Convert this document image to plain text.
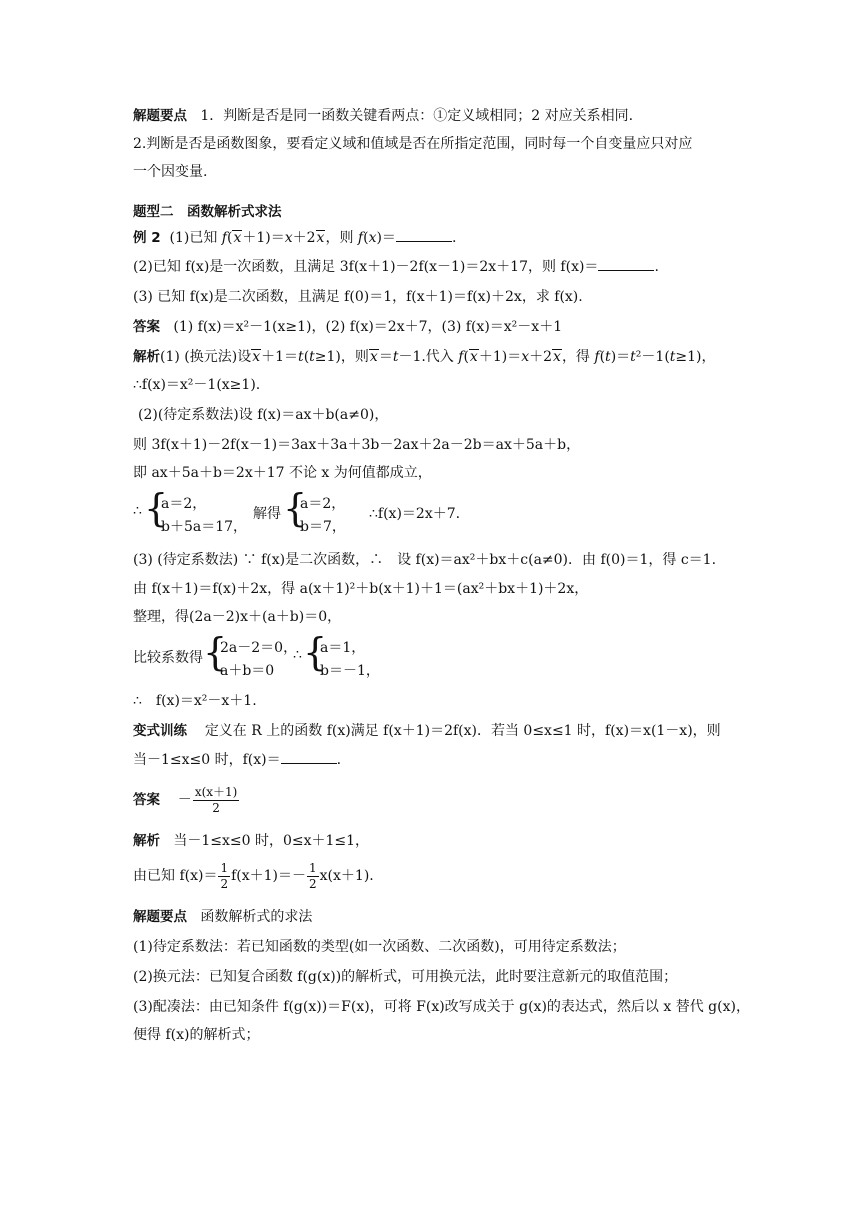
解题要点 1．判断是否是同一函数关键看两点：①定义域相同；2 对应关系相同.
2.判断是否是函数图象，要看定义域和值域是否在所指定范围，同时每一个自变量应只对应
一个因变量.
题型二　函数解析式求法
例 2 (1)已知 f(x＋1)＝x＋2x，则 f(x)＝	.
(2)已知 f(x)是一次函数，且满足 3f(x＋1)－2f(x－1)＝2x＋17，则 f(x)＝	.
(3) 已知 f(x)是二次函数，且满足 f(0)＝1，f(x＋1)＝f(x)＋2x，求 f(x).
答案 (1) f(x)＝x²－1(x≥1)，(2) f(x)＝2x＋7，(3) f(x)＝x²－x＋1
解析(1) (换元法)设x＋1＝t(t≥1)，则x＝t－1.代入 f(x＋1)＝x＋2x，得 f(t)＝t²－1(t≥1)，
∴f(x)＝x²－1(x≥1).
(2)(待定系数法)设 f(x)＝ax＋b(a≠0)，
则 3f(x＋1)－2f(x－1)＝3ax＋3a＋3b－2ax＋2a－2b＝ax＋5a＋b，
即 ax＋5a＋b＝2x＋17 不论 x 为何值都成立，
∴ {
a＝2，
b＋5a＝17，
解得 {
a＝2，
b＝7，
∴f(x)＝2x＋7.
(3) (待定系数法) ∵ f(x)是二次函数，∴　设 f(x)＝ax²＋bx＋c(a≠0)．由 f(0)＝1，得 c＝1.
由 f(x＋1)＝f(x)＋2x，得 a(x＋1)²＋b(x＋1)＋1＝(ax²＋bx＋1)＋2x，
整理，得(2a－2)x＋(a＋b)＝0，
比较系数得 {
2a－2＝0，
a＋b＝0
∴ {
a＝1，
b＝－1，
∴　f(x)＝x²－x＋1.
变式训练 定义在 R 上的函数 f(x)满足 f(x＋1)＝2f(x)．若当 0≤x≤1 时，f(x)＝x(1－x)，则
当－1≤x≤0 时，f(x)＝	.
答案    － $\frac{x(x+1)}{2}$
解析 当－1≤x≤0 时，0≤x＋1≤1，
由已知 $f(x)= \frac{1}{2} f(x+1)=- \frac{1}{2} x(x+1)$.
解题要点 函数解析式的求法
(1)待定系数法：若已知函数的类型(如一次函数、二次函数)，可用待定系数法；
(2)换元法：已知复合函数 f(g(x))的解析式，可用换元法，此时要注意新元的取值范围；
(3)配凑法：由已知条件 f(g(x))＝F(x)，可将 F(x)改写成关于 g(x)的表达式，然后以 x 替代 g(x)，
便得 f(x)的解析式；
